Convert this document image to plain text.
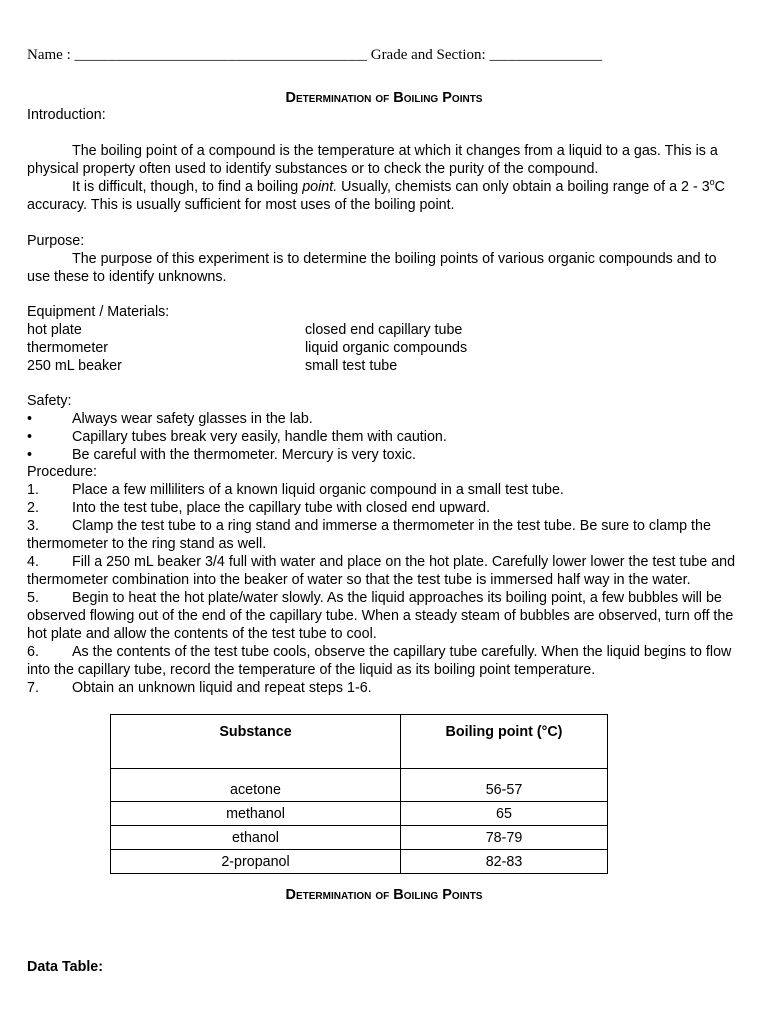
Name : _______________________________________ Grade and Section: _______________
Determination of Boiling Points

Introduction:

The boiling point of a compound is the temperature at which it changes from a liquid to a gas. This is a physical property often used to identify substances or to check the purity of the compound.

It is difficult, though, to find a boiling point. Usually, chemists can only obtain a boiling range of a 2 - 3$^o$C accuracy. This is usually sufficient for most uses of the boiling point.

Purpose:

The purpose of this experiment is to determine the boiling points of various organic compounds and to use these to identify unknowns.

Equipment / Materials:

hot plate	closed end capillary tube
thermometer	liquid organic compounds
250 mL beaker	small test tube

Safety:

•	Always wear safety glasses in the lab.
•	Capillary tubes break very easily, handle them with caution.
•	Be careful with the thermometer. Mercury is very toxic.

Procedure:

1.	Place a few milliliters of a known liquid organic compound in a small test tube.

2.	Into the test tube, place the capillary tube with closed end upward.

3.	Clamp the test tube to a ring stand and immerse a thermometer in the test tube. Be sure to clamp the thermometer to the ring stand as well.

4.	Fill a 250 mL beaker 3/4 full with water and place on the hot plate. Carefully lower lower the test tube and thermometer combination into the beaker of water so that the test tube is immersed half way in the water.

5.	Begin to heat the hot plate/water slowly. As the liquid approaches its boiling point, a few bubbles will be observed flowing out of the end of the capillary tube. When a steady steam of bubbles are observed, turn off the hot plate and allow the contents of the test tube to cool.

6.	As the contents of the test tube cools, observe the capillary tube carefully. When the liquid begins to flow into the capillary tube, record the temperature of the liquid as its boiling point temperature.

7.	Obtain an unknown liquid and repeat steps 1-6.

Substance	Boiling point (°C)
acetone	56-57
methanol	65
ethanol	78-79
2-propanol	82-83
Determination of Boiling Points
Data Table:
